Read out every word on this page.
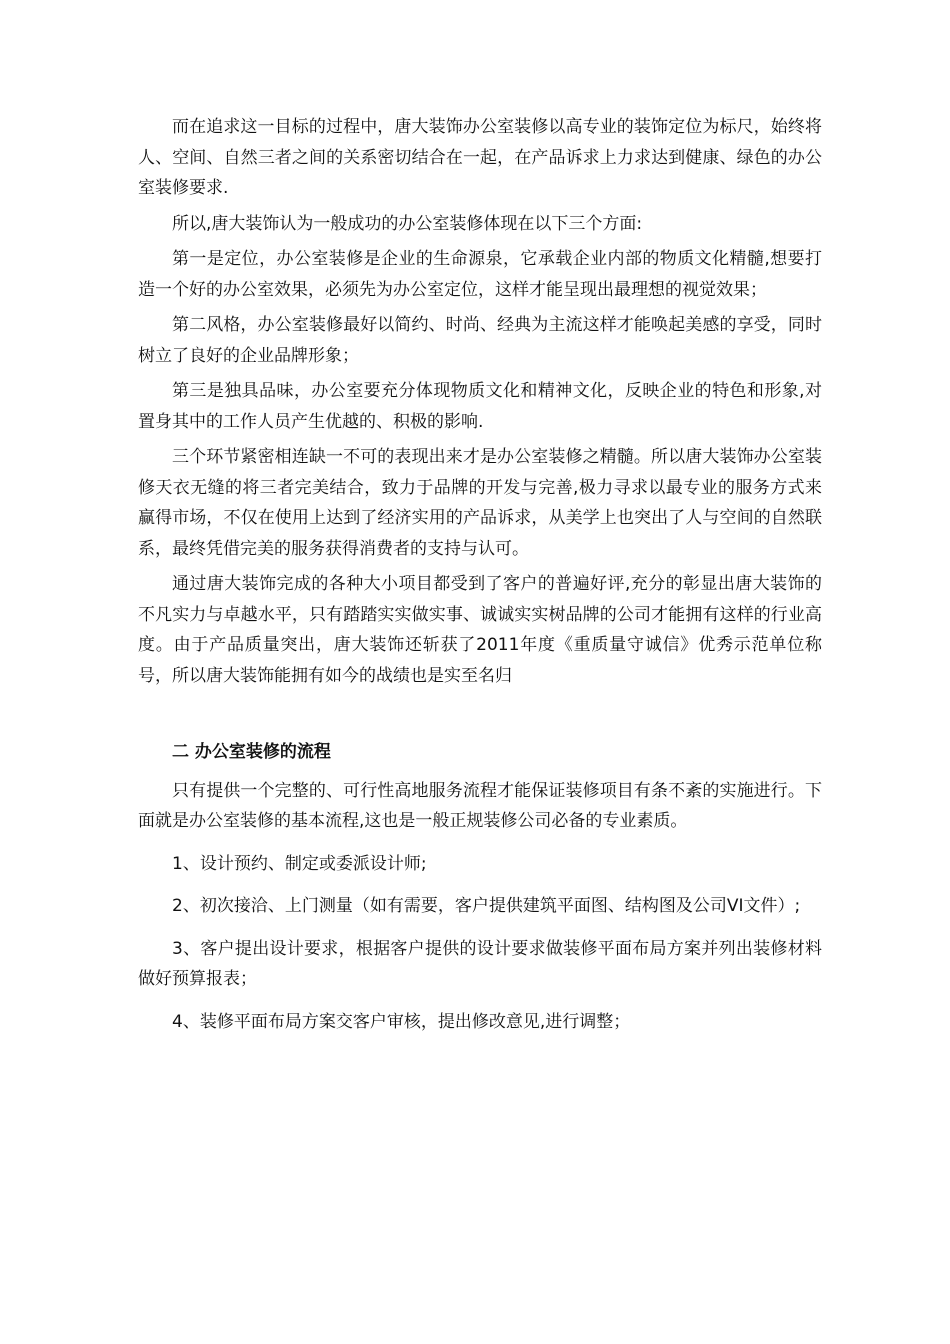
而在追求这一目标的过程中，唐大装饰办公室装修以高专业的装饰定位为标尺，始终将人、空间、自然三者之间的关系密切结合在一起，在产品诉求上力求达到健康、绿色的办公室装修要求.

所以,唐大装饰认为一般成功的办公室装修体现在以下三个方面:

第一是定位，办公室装修是企业的生命源泉，它承载企业内部的物质文化精髓,想要打造一个好的办公室效果，必须先为办公室定位，这样才能呈现出最理想的视觉效果；

第二风格，办公室装修最好以简约、时尚、经典为主流这样才能唤起美感的享受，同时树立了良好的企业品牌形象；

第三是独具品味，办公室要充分体现物质文化和精神文化，反映企业的特色和形象,对置身其中的工作人员产生优越的、积极的影响.

三个环节紧密相连缺一不可的表现出来才是办公室装修之精髓。所以唐大装饰办公室装修天衣无缝的将三者完美结合，致力于品牌的开发与完善,极力寻求以最专业的服务方式来赢得市场，不仅在使用上达到了经济实用的产品诉求，从美学上也突出了人与空间的自然联系，最终凭借完美的服务获得消费者的支持与认可。

通过唐大装饰完成的各种大小项目都受到了客户的普遍好评,充分的彰显出唐大装饰的不凡实力与卓越水平，只有踏踏实实做实事、诚诚实实树品牌的公司才能拥有这样的行业高度。由于产品质量突出，唐大装饰还斩获了2011年度《重质量守诚信》优秀示范单位称号，所以唐大装饰能拥有如今的战绩也是实至名归

二 办公室装修的流程

只有提供一个完整的、可行性高地服务流程才能保证装修项目有条不紊的实施进行。下面就是办公室装修的基本流程,这也是一般正规装修公司必备的专业素质。

1、设计预约、制定或委派设计师;

2、初次接洽、上门测量（如有需要，客户提供建筑平面图、结构图及公司VI文件）;

3、客户提出设计要求，根据客户提供的设计要求做装修平面布局方案并列出装修材料做好预算报表；

4、装修平面布局方案交客户审核，提出修改意见,进行调整；
